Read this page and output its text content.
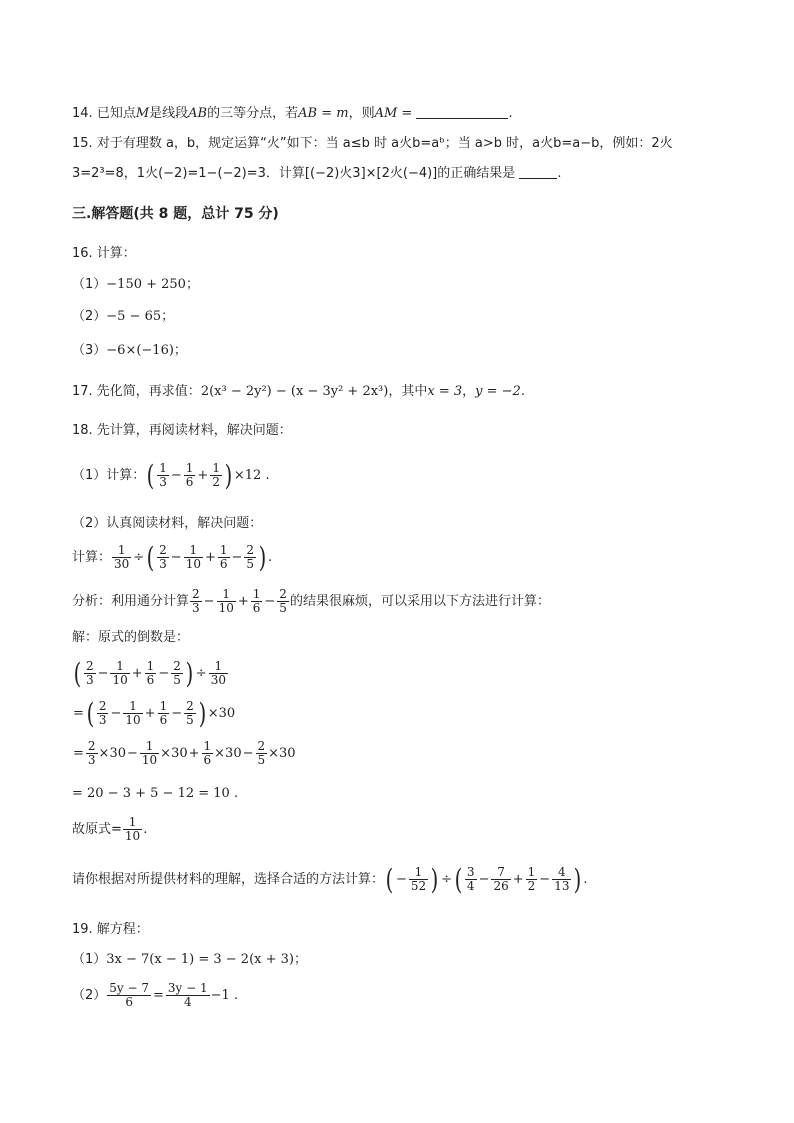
14. 已知点M是线段AB的三等分点，若AB = m，则AM =	.
15. 对于有理数 a，b，规定运算“火”如下：当 a≤b 时 a火b=aᵇ；当 a>b 时，a火b=a−b，例如：2火
3=2³=8，1火(−2)=1−(−2)=3．计算[(−2)火3]×[2火(−4)]的正确结果是	.
三.解答题(共 8 题，总计 75 分)
16. 计算：
（1）−150 + 250；
（2）−5 − 65；
（3）−6×(−16)；
17. 先化简，再求值：2(x³ − 2y²) − (x − 3y² + 2x³)，其中x = 3，y = −2.
18. 先计算，再阅读材料，解决问题：
（1）计算：( $\frac{1}{3} - \frac{1}{6} + \frac{1}{2}$ ) ×12 .
（2）认真阅读材料，解决问题：
计算： $\frac{1}{30}$ ÷( $\frac{2}{3} - \frac{1}{10} + \frac{1}{6} - \frac{2}{5}$ ) .
分析：利用通分计算 $\frac{2}{3} - \frac{1}{10} + \frac{1}{6} - \frac{2}{5}$ 的结果很麻烦，可以采用以下方法进行计算：
解：原式的倒数是：
( $\frac{2}{3} - \frac{1}{10} + \frac{1}{6} - \frac{2}{5}$ ) ÷ $\frac{1}{30}$
=( $\frac{2}{3} - \frac{1}{10} + \frac{1}{6} - \frac{2}{5}$ ) ×30
= $\frac{2}{3} \times 30- \frac{1}{10} \times 30+ \frac{1}{6} \times 30- \frac{2}{5} \times 30$
= 20 − 3 + 5 − 12 = 10 .
故原式= $\frac{1}{10}$ .
请你根据对所提供材料的理解，选择合适的方法计算：( − $\frac{1}{52}$ ) ÷( $\frac{3}{4} - \frac{7}{26} + \frac{1}{2} - \frac{4}{13}$ ) .
19. 解方程：
（1）3x − 7(x − 1) = 3 − 2(x + 3)；
$(2) \frac{5y - 7}{6} = \frac{3y - 1}{4} -1$ .
